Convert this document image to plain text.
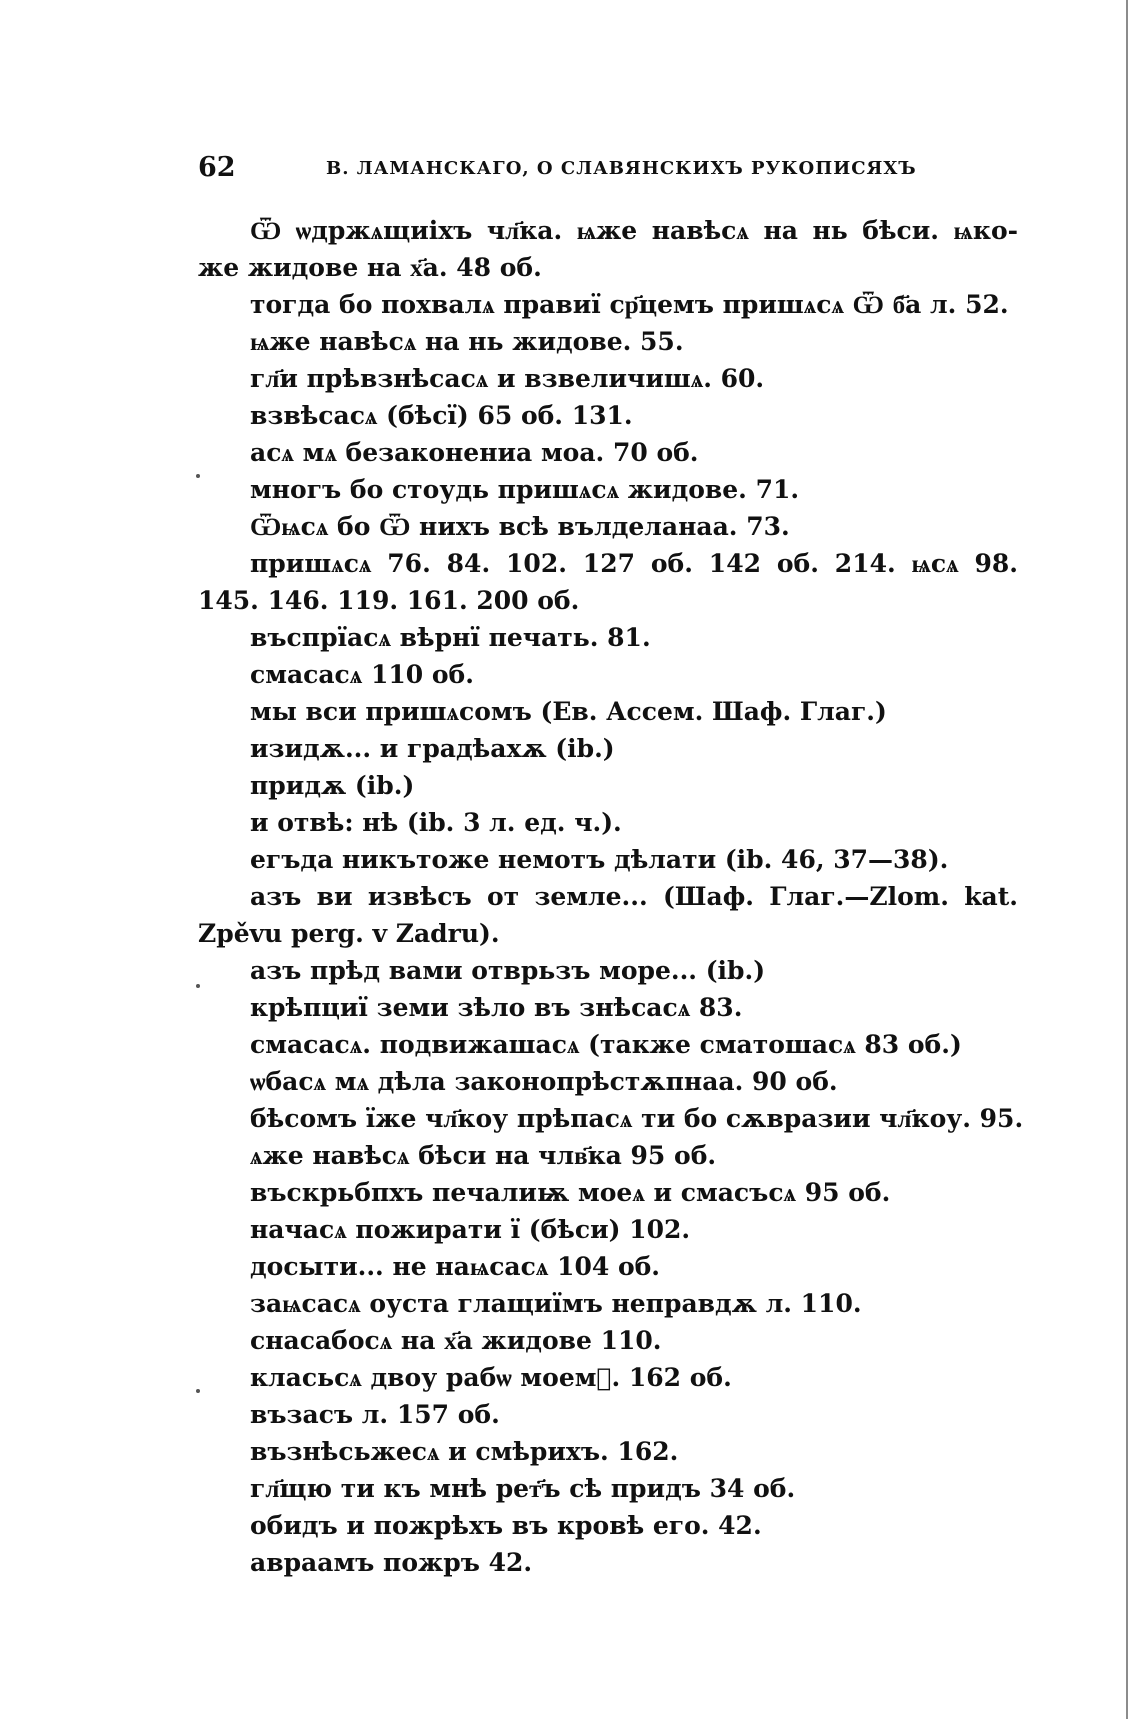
62	В. ЛАМАНСКАГО, О СЛАВЯНСКИХЪ РУКОПИСЯХЪ
Ѿ ѡдржѧщиіхъ чл҃ка. ѩже навѣсѧ на нь бѣси. ѩко-
же жидове на х҃а. 48 об.
тогда бо похвалѧ правиї ср҃цемъ пришѧсѧ Ѿ б҃а л. 52.
ѩже навѣсѧ на нь жидове. 55.
гл҃и прѣвзнѣсасѧ и взвеличишѧ. 60.
взвѣсасѧ (бѣсї) 65 об. 131.
асѧ мѧ безаконениа моа. 70 об.
многъ бо стоудь пришѧсѧ жидове. 71.
Ѿѩсѧ бо Ѿ нихъ всѣ вълделанаа. 73.
пришѧсѧ 76. 84. 102. 127 об. 142 об. 214. ѩсѧ 98.
145. 146. 119. 161. 200 об.
въспрїасѧ вѣрнї печать. 81.
смасасѧ 110 об.
мы вси пришѧсомъ (Ев. Ассем. Шаф. Глаг.)
изидѫ... и градѣахѫ (ib.)
придѫ (ib.)
и отвѣ: нѣ (ib. 3 л. ед. ч.).
егъда никътоже немотъ дѣлати (ib. 46, 37—38).
азъ ви извѣсъ от земле... (Шаф. Глаг.—Zlom. kat.
Zpěvu perg. v Zadru).
азъ прѣд вами отврьзъ море... (ib.)
крѣпциї земи зѣло въ знѣсасѧ 83.
смасасѧ. подвижашасѧ (также сматошасѧ 83 об.)
ѡбасѧ мѧ дѣла законопрѣстѫпнаа. 90 об.
бѣсомъ їже чл҃коу прѣпасѧ ти бо сѫвразии чл҃коу. 95.
ѧже навѣсѧ бѣси на члв҃ка 95 об.
въскрьбпхъ печалиѭ моеѧ и смасъсѧ 95 об.
начасѧ пожирати ї (бѣси) 102.
досыти... не наѩсасѧ 104 об.
заѩсасѧ оуста глащиїмъ неправдѫ л. 110.
снасабосѧ на х҃а жидове 110.
класьсѧ двоу рабѡ моемⷷ. 162 об.
възасъ л. 157 об.
възнѣсьжесѧ и смѣрихъ. 162.
гл҃щю ти къ мнѣ рет҃ъ сѣ придъ 34 об.
обидъ и пожрѣхъ въ кровѣ его. 42.
авраамъ пожръ 42.
